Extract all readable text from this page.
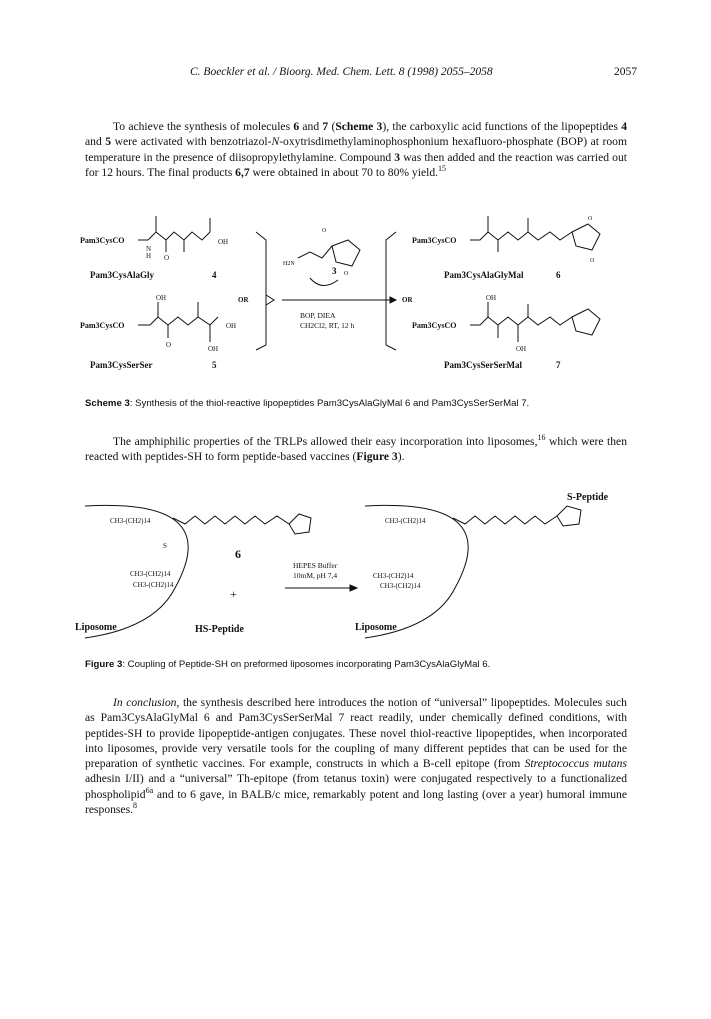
C. Boeckler et al. / Bioorg. Med. Chem. Lett. 8 (1998) 2055–2058	2057

To achieve the synthesis of molecules 6 and 7 (Scheme 3), the carboxylic acid functions of the lipopeptides 4 and 5 were activated with benzotriazol-N-oxytrisdimethylaminophosphonium hexafluoro-phosphate (BOP) at room temperature in the presence of diisopropylethylamine. Compound 3 was then added and the reaction was carried out for 12 hours. The final products 6,7 were obtained in about 70 to 80% yield.$^{15}$

Pam3CysCO
N
H O
OH
Pam3CysAlaGly	4
Pam3CysCO
OH
O	OH
OH
Pam3CysSerSer	5
OR
H2N
O
O
3
BOP, DIEA
CH2Cl2, RT, 12 h
OR
Pam3CysCO
O
O
Pam3CysAlaGlyMal	6
Pam3CysCO
OH
OH
Pam3CysSerSerMal	7
Scheme 3: Synthesis of the thiol-reactive lipopeptides Pam3CysAlaGlyMal 6 and Pam3CysSerSerMal 7.

The amphiphilic properties of the TRLPs allowed their easy incorporation into liposomes,$^{16}$ which were then reacted with peptides-SH to form peptide-based vaccines (Figure 3).

CH3-(CH2)14
CH3-(CH2)14
CH3-(CH2)14
S
6
Liposome
+
HS-Peptide
HEPES Buffer
10mM, pH 7,4
CH3-(CH2)14
CH3-(CH2)14
CH3-(CH2)14
S-Peptide
Liposome
Figure 3: Coupling of Peptide-SH on preformed liposomes incorporating Pam3CysAlaGlyMal 6.

In conclusion, the synthesis described here introduces the notion of “universal” lipopeptides. Molecules such as Pam3CysAlaGlyMal 6 and Pam3CysSerSerMal 7 react readily, under chemically defined conditions, with peptides-SH to provide lipopeptide-antigen conjugates. These novel thiol-reactive lipopeptides, when incorporated into liposomes, provide very versatile tools for the coupling of many different peptides that can be used for the preparation of synthetic vaccines. For example, constructs in which a B-cell epitope (from Streptococcus mutans adhesin I/II) and a “universal” Th-epitope (from tetanus toxin) were conjugated respectively to a functionalized phospholipid$^{6a}$ and to 6 gave, in BALB/c mice, remarkably potent and long lasting (over a year) humoral immune responses.$^8$
